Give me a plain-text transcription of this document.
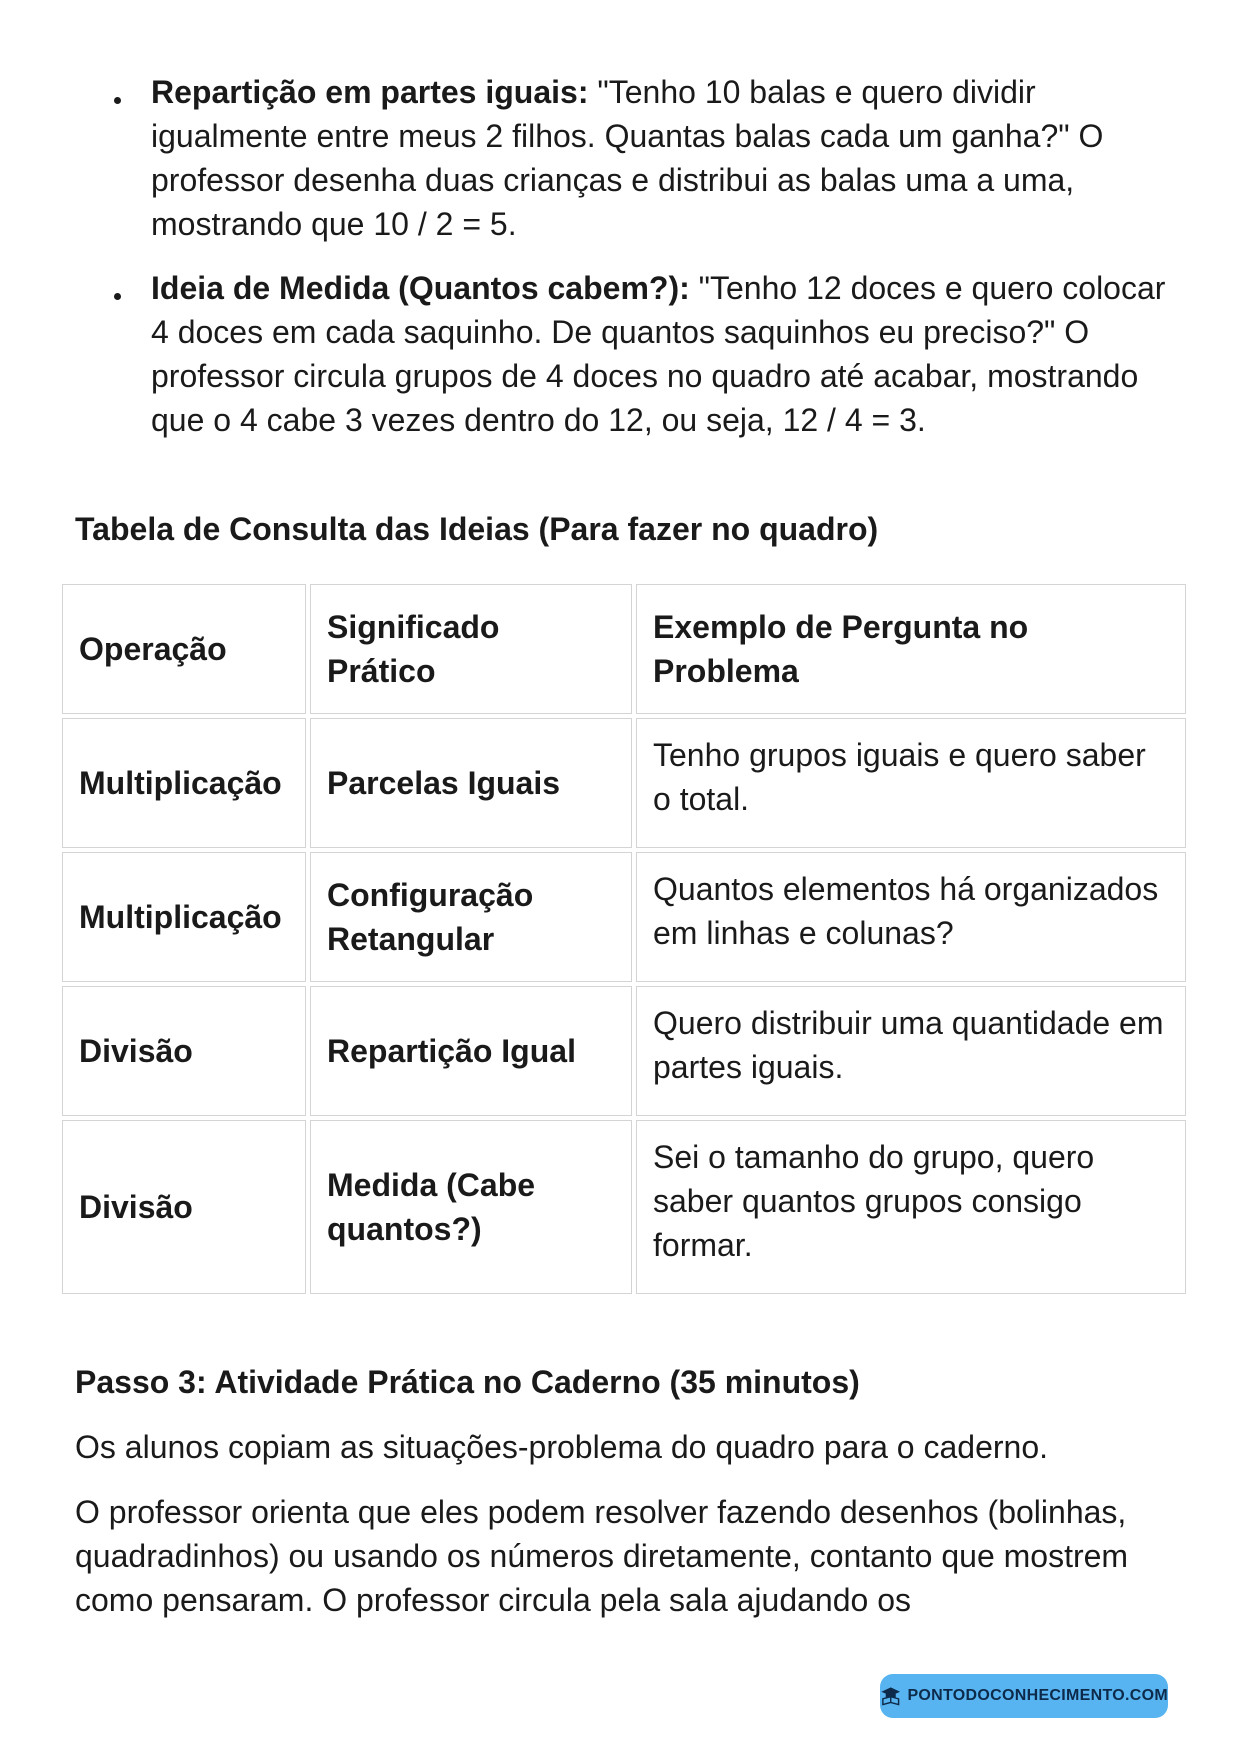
Repartição em partes iguais: "Tenho 10 balas e quero dividir igualmente entre meus 2 filhos. Quantas balas cada um ganha?" O professor desenha duas crianças e distribui as balas uma a uma, mostrando que 10 / 2 = 5.
Ideia de Medida (Quantos cabem?): "Tenho 12 doces e quero colocar 4 doces em cada saquinho. De quantos saquinhos eu preciso?" O professor circula grupos de 4 doces no quadro até acabar, mostrando que o 4 cabe 3 vezes dentro do 12, ou seja, 12 / 4 = 3.

Tabela de Consulta das Ideias (Para fazer no quadro)

Operação	Significado Prático	Exemplo de Pergunta no Problema
Multiplicação	Parcelas Iguais	Tenho grupos iguais e quero saber o total.
Multiplicação	Configuração Retangular	Quantos elementos há organizados em linhas e colunas?
Divisão	Repartição Igual	Quero distribuir uma quantidade em partes iguais.
Divisão	Medida (Cabe quantos?)	Sei o tamanho do grupo, quero saber quantos grupos consigo formar.

Passo 3: Atividade Prática no Caderno (35 minutos)

Os alunos copiam as situações-problema do quadro para o caderno.

O professor orienta que eles podem resolver fazendo desenhos (bolinhas, quadradinhos) ou usando os números diretamente, contanto que mostrem como pensaram. O professor circula pela sala ajudando os

PONTODOCONHECIMENTO.COM
